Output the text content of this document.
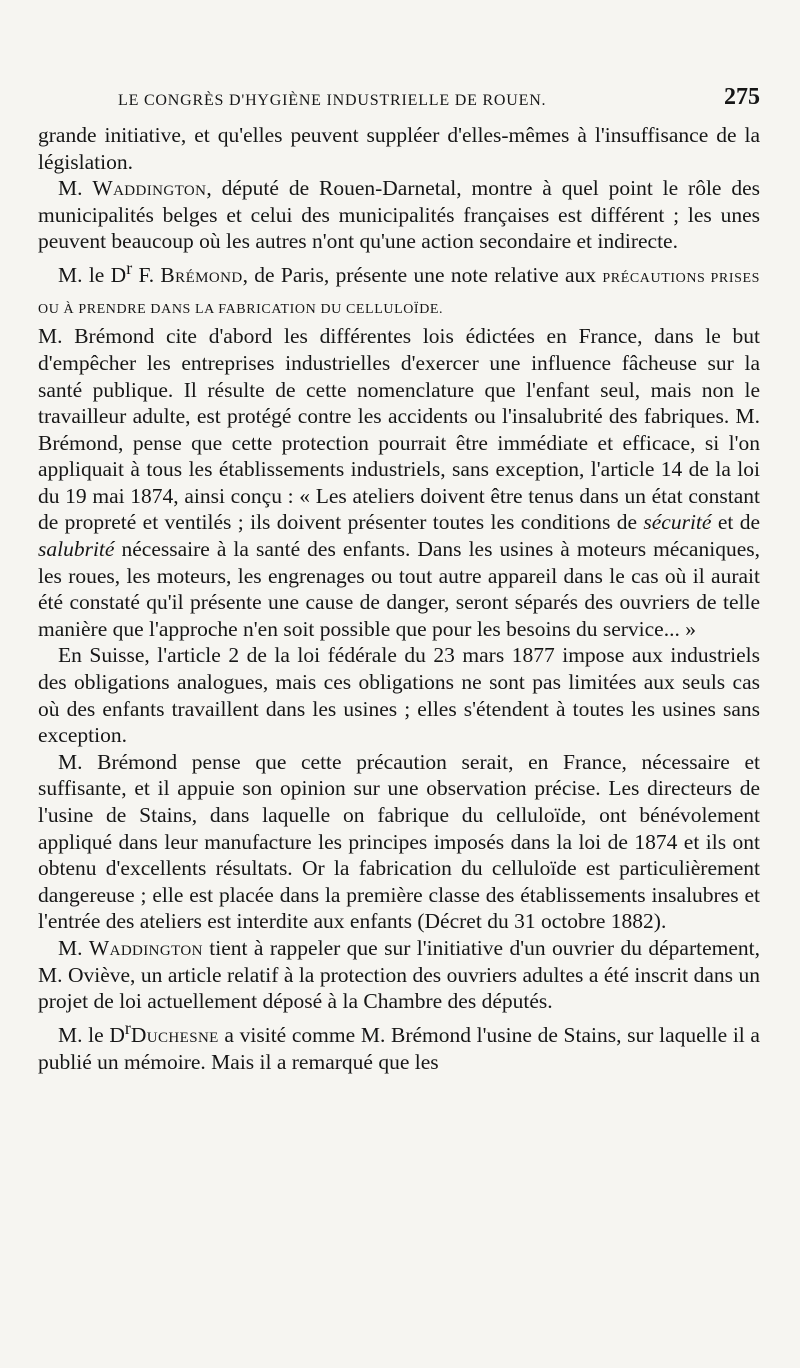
LE CONGRÈS D'HYGIÈNE INDUSTRIELLE DE ROUEN.	275

grande initiative, et qu'elles peuvent suppléer d'elles-mêmes à l'insuffisance de la législation.

M. Waddington, député de Rouen-Darnetal, montre à quel point le rôle des municipalités belges et celui des municipalités françaises est différent ; les unes peuvent beaucoup où les autres n'ont qu'une action secondaire et indirecte.

M. le $D^r$ F. Brémond, de Paris, présente une note relative aux PRÉCAUTIONS PRISES OU À PRENDRE DANS LA FABRICATION DU CELLULOÏDE.

M. Brémond cite d'abord les différentes lois édictées en France, dans le but d'empêcher les entreprises industrielles d'exercer une influence fâcheuse sur la santé publique. Il résulte de cette nomenclature que l'enfant seul, mais non le travailleur adulte, est protégé contre les accidents ou l'insalubrité des fabriques. M. Brémond, pense que cette protection pourrait être immédiate et efficace, si l'on appliquait à tous les établissements industriels, sans exception, l'article 14 de la loi du 19 mai 1874, ainsi conçu : « Les ateliers doivent être tenus dans un état constant de propreté et ventilés ; ils doivent présenter toutes les conditions de sécurité et de salubrité nécessaire à la santé des enfants. Dans les usines à moteurs mécaniques, les roues, les moteurs, les engrenages ou tout autre appareil dans le cas où il aurait été constaté qu'il présente une cause de danger, seront séparés des ouvriers de telle manière que l'approche n'en soit possible que pour les besoins du service... »

En Suisse, l'article 2 de la loi fédérale du 23 mars 1877 impose aux industriels des obligations analogues, mais ces obligations ne sont pas limitées aux seuls cas où des enfants travaillent dans les usines ; elles s'étendent à toutes les usines sans exception.

M. Brémond pense que cette précaution serait, en France, nécessaire et suffisante, et il appuie son opinion sur une observation précise. Les directeurs de l'usine de Stains, dans laquelle on fabrique du celluloïde, ont bénévolement appliqué dans leur manufacture les principes imposés dans la loi de 1874 et ils ont obtenu d'excellents résultats. Or la fabrication du celluloïde est particulièrement dangereuse ; elle est placée dans la première classe des établissements insalubres et l'entrée des ateliers est interdite aux enfants (Décret du 31 octobre 1882).

M. Waddington tient à rappeler que sur l'initiative d'un ouvrier du département, M. Oviève, un article relatif à la protection des ouvriers adultes a été inscrit dans un projet de loi actuellement déposé à la Chambre des députés.

M. le $D^rDuchesne$ a visité comme M. Brémond l'usine de Stains, sur laquelle il a publié un mémoire. Mais il a remarqué que les
